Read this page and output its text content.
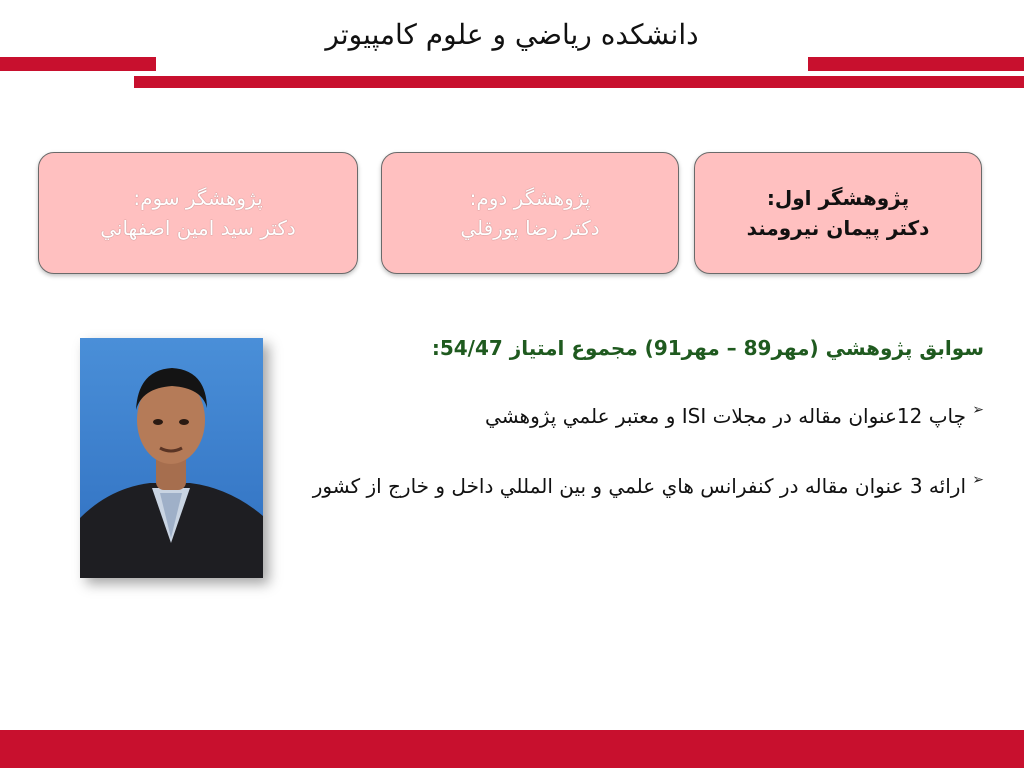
دانشکده رياضي و علوم کامپيوتر
پژوهشگر اول:
دکتر پيمان نيرومند
پژوهشگر دوم:
دکتر رضا پورقلي
پژوهشگر سوم:
دکتر سيد امين اصفهاني
سوابق پژوهشي (مهر89 – مهر91) مجموع امتياز 54/47:
➢
چاپ 12عنوان مقاله در مجلات ISI و معتبر علمي پژوهشي
➢
ارائه 3 عنوان مقاله در کنفرانس هاي علمي و بين المللي داخل و خارج از کشور
